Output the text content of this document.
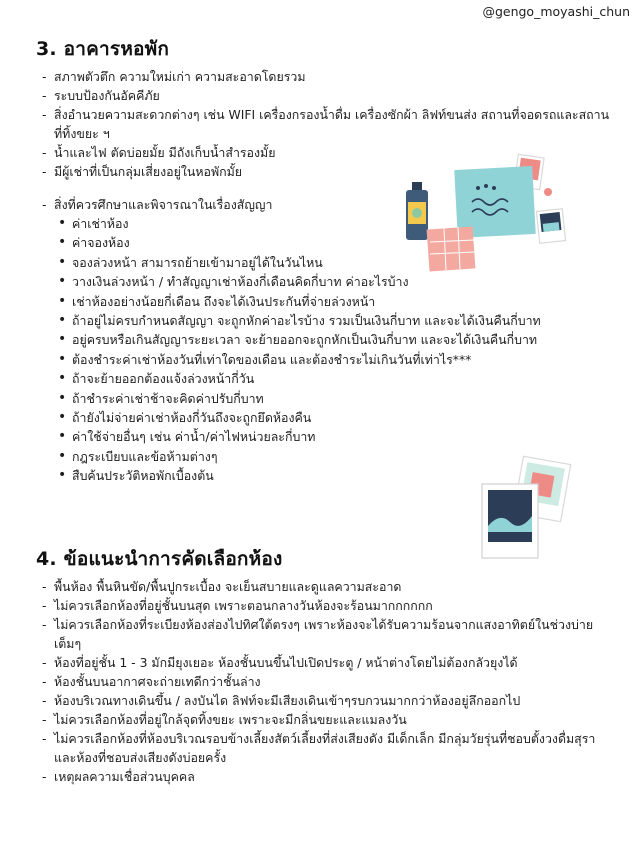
@gengo_moyashi_chun
3. อาคารหอพัก
- สภาพตัวตึก ความใหม่เก่า ความสะอาดโดยรวม
- ระบบป้องกันอัคคีภัย
- สิ่งอำนวยความสะดวกต่างๆ เช่น WIFI เครื่องกรองน้ำดื่ม เครื่องซักผ้า ลิฟท์ขนส่ง สถานที่จอดรถและสถานที่ทิ้งขยะ ฯ
- น้ำและไฟ ตัดบ่อยมั้ย มีถังเก็บน้ำสำรองมั้ย
- มีผู้เช่าที่เป็นกลุ่มเสี่ยงอยู่ในหอพักมั้ย
- สิ่งที่ควรศึกษาและพิจารณาในเรื่องสัญญา
• ค่าเช่าห้อง
• ค่าจองห้อง
• จองล่วงหน้า สามารถย้ายเข้ามาอยู่ได้ในวันไหน
• วางเงินล่วงหน้า / ทำสัญญาเช่าห้องกี่เดือนคิดกี่บาท ค่าอะไรบ้าง
• เช่าห้องอย่างน้อยกี่เดือน ถึงจะได้เงินประกันที่จ่ายล่วงหน้า
• ถ้าอยู่ไม่ครบกำหนดสัญญา จะถูกหักค่าอะไรบ้าง รวมเป็นเงินกี่บาท และจะได้เงินคืนกี่บาท
• อยู่ครบหรือเกินสัญญาระยะเวลา จะย้ายออกจะถูกหักเป็นเงินกี่บาท และจะได้เงินคืนกี่บาท
• ต้องชำระค่าเช่าห้องวันที่เท่าใดของเดือน และต้องชำระไม่เกินวันที่เท่าไร***
• ถ้าจะย้ายออกต้องแจ้งล่วงหน้ากี่วัน
• ถ้าชำระค่าเช่าช้าจะคิดค่าปรับกี่บาท
• ถ้ายังไม่จ่ายค่าเช่าห้องกี่วันถึงจะถูกยึดห้องคืน
• ค่าใช้จ่ายอื่นๆ เช่น ค่าน้ำ/ค่าไฟหน่วยละกี่บาท
• กฎระเบียบและข้อห้ามต่างๆ
• สืบค้นประวัติหอพักเบื้องต้น
4. ข้อแนะนำการคัดเลือกห้อง
- พื้นห้อง พื้นหินขัด/พื้นปูกระเบื้อง จะเย็นสบายและดูแลความสะอาด
- ไม่ควรเลือกห้องที่อยู่ชั้นบนสุด เพราะตอนกลางวันห้องจะร้อนมากกกกกก
- ไม่ควรเลือกห้องที่ระเบียงห้องส่องไปทิศใต้ตรงๆ เพราะห้องจะได้รับความร้อนจากแสงอาทิตย์ในช่วงบ่ายเต็มๆ
- ห้องที่อยู่ชั้น 1 - 3 มักมียุงเยอะ ห้องชั้นบนขึ้นไปเปิดประตู / หน้าต่างโดยไม่ต้องกลัวยุงได้
- ห้องชั้นบนอากาศจะถ่ายเทดีกว่าชั้นล่าง
- ห้องบริเวณทางเดินขึ้น / ลงบันได ลิฟท์จะมีเสียงเดินเข้าๆรบกวนมากกว่าห้องอยู่ลึกออกไป
- ไม่ควรเลือกห้องที่อยู่ใกล้จุดทิ้งขยะ เพราะจะมีกลิ่นขยะและแมลงวัน
- ไม่ควรเลือกห้องที่ห้องบริเวณรอบข้างเลี้ยงสัตว์เลี้ยงที่ส่งเสียงดัง มีเด็กเล็ก มีกลุ่มวัยรุ่นที่ชอบตั้งวงดื่มสุรา และห้องที่ชอบส่งเสียงดังบ่อยครั้ง
- เหตุผลความเชื่อส่วนบุคคล
